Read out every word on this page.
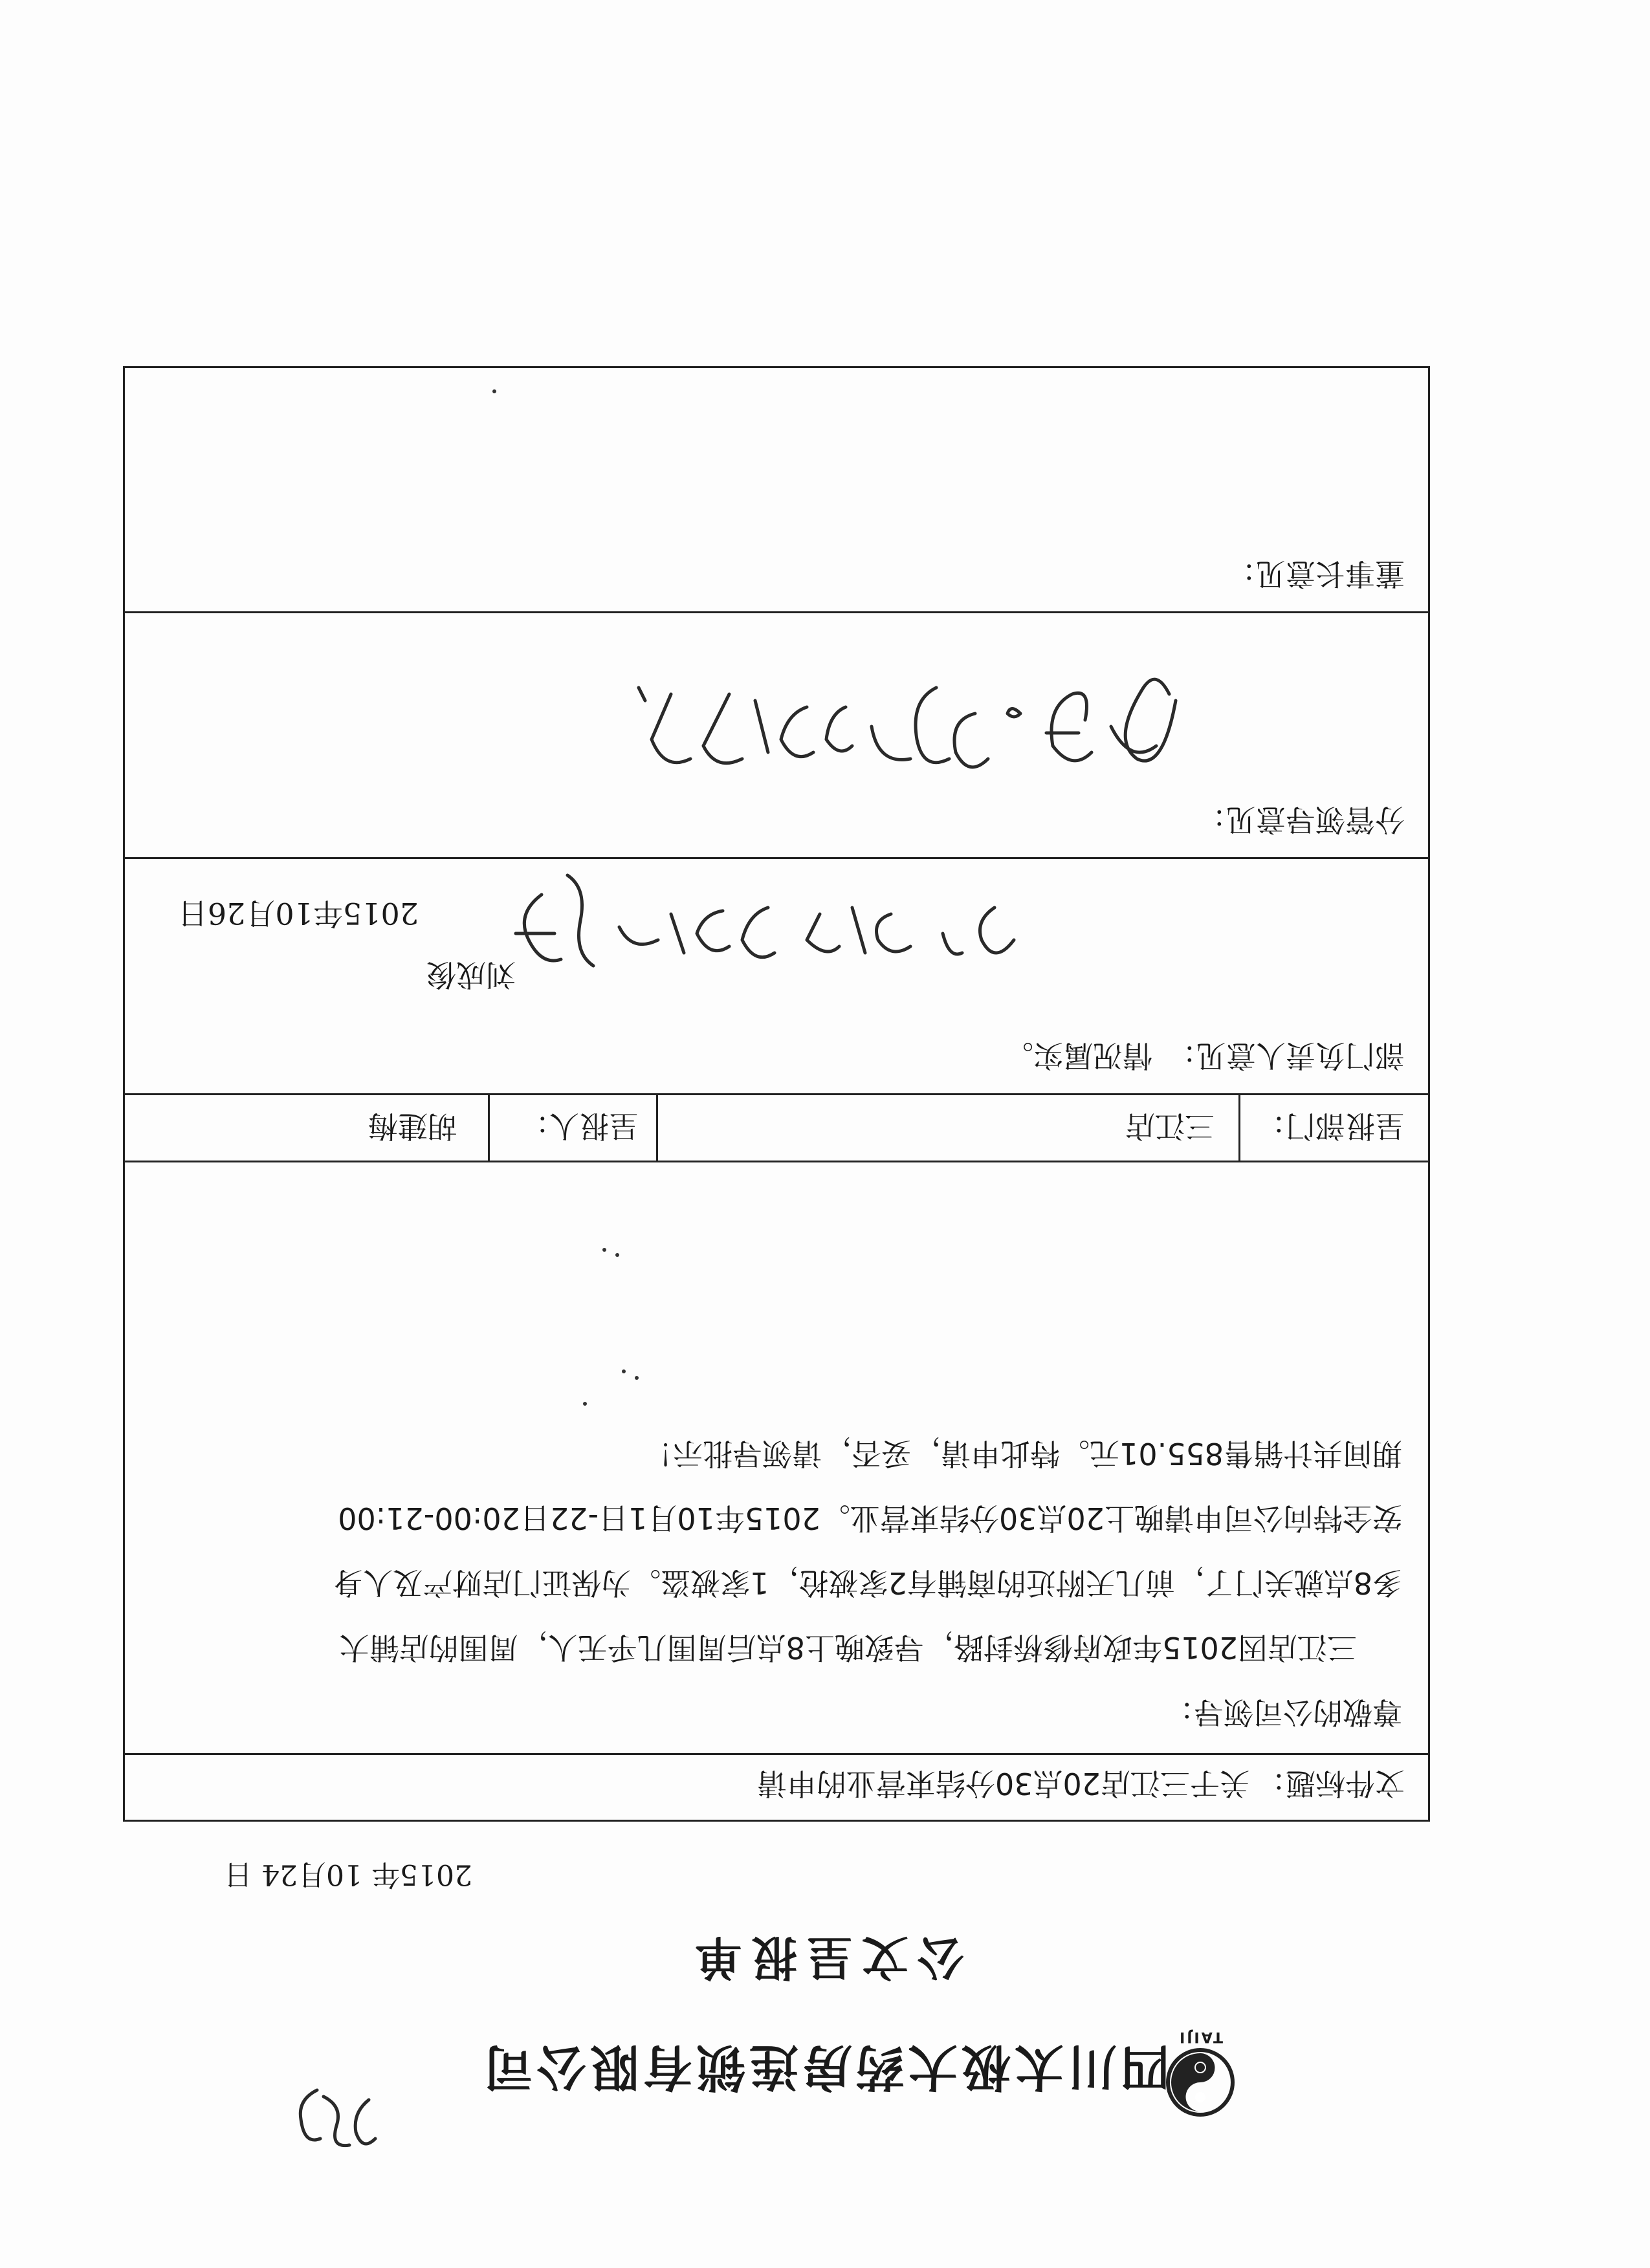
TAIJI
四川太极大药房连锁有限公司
公文呈报单
2015年 10月24 日
文件标题：
关于三江店20点30分结束营业的申请
尊敬的公司领导：
三江店因2015年政府修桥封路，导致晚上8点后周围几乎无人，周围的店铺大
多8点就关门了，前几天附近的商铺有2家被抢，1家被盗。为保证门店财产及人身
安全特向公司申请晚上20点30分结束营业。2015年10月1日-22日20:00-21:00
期间共计销售855.01元。特此申请，妥否，请领导批示！
呈报部门：
三江店
呈报人：
胡建梅
部门负责人意见：
情况属实。
刘成俊
2015年10月26日
分管领导意见：
董事长意见：
